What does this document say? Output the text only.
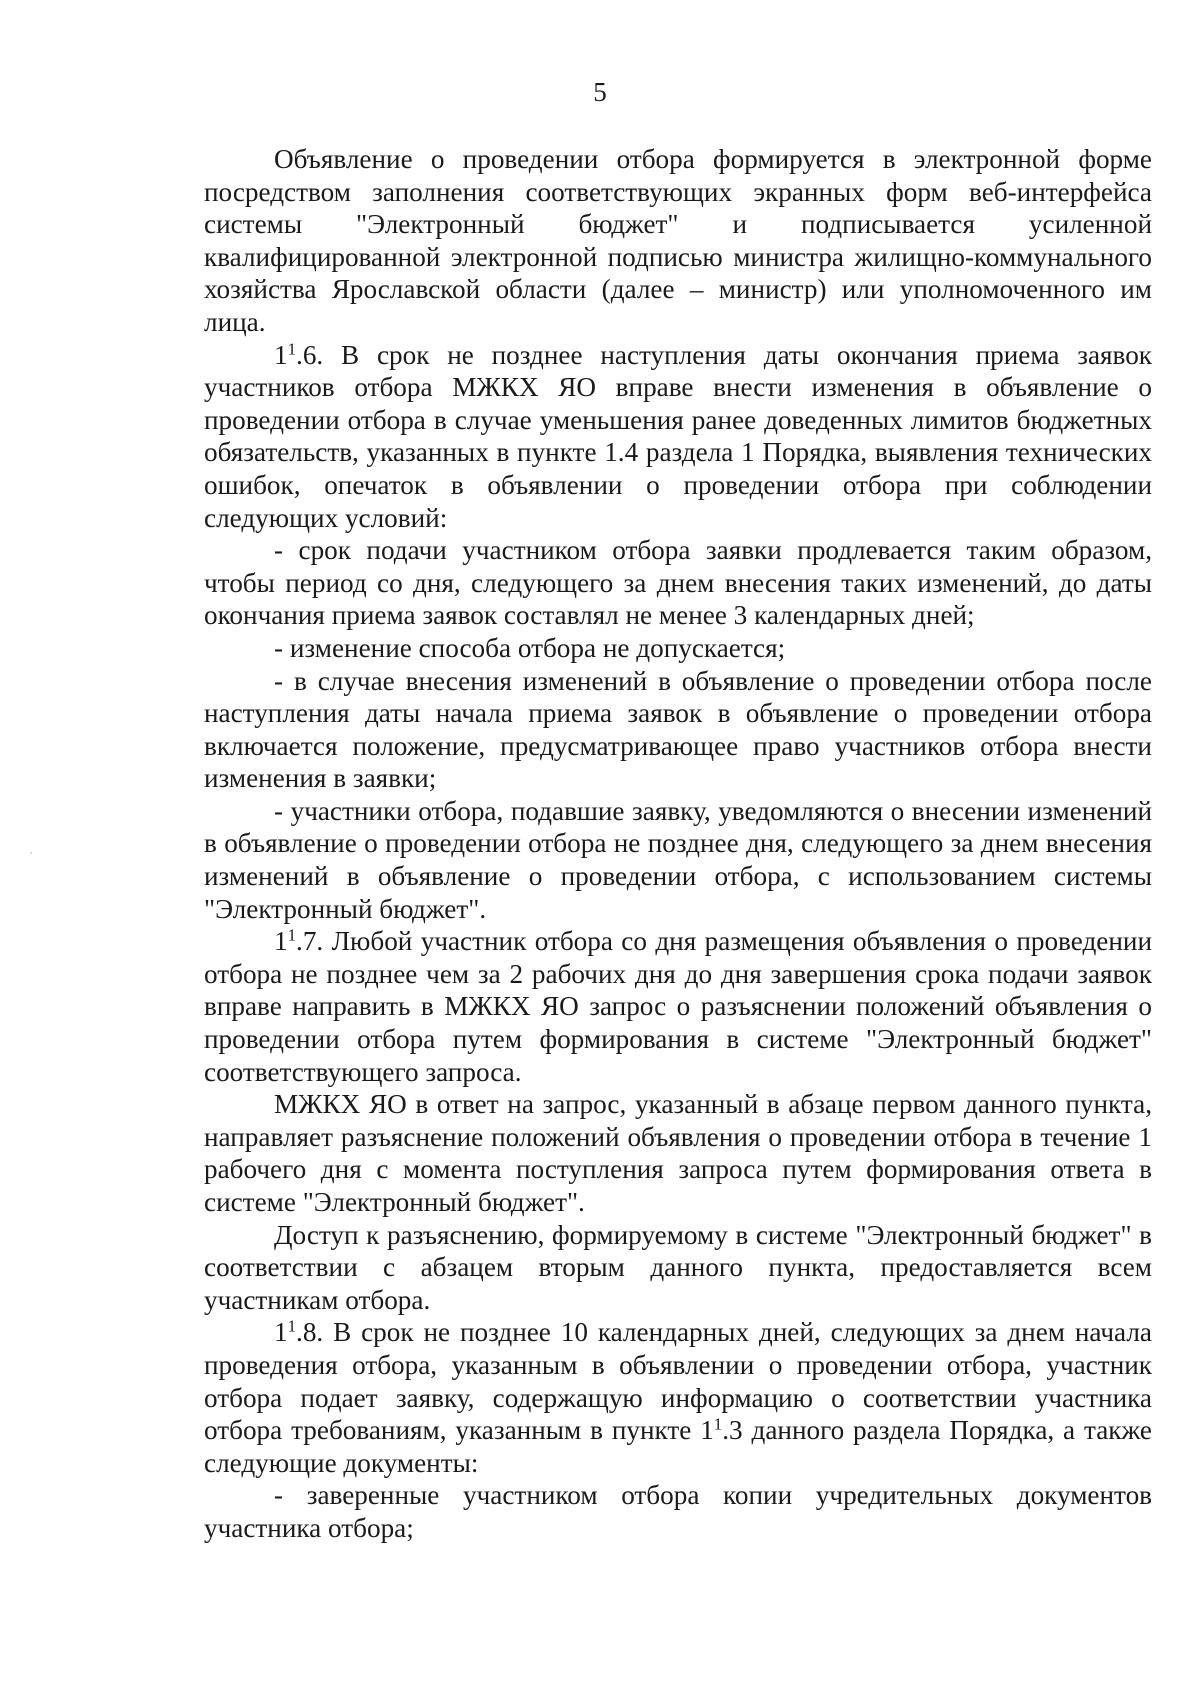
5

Объявление о проведении отбора формируется в электронной форме посредством заполнения соответствующих экранных форм веб-интерфейса системы "Электронный бюджет" и подписывается усиленной квалифицированной электронной подписью министра жилищно-коммунального хозяйства Ярославской области (далее – министр) или уполномоченного им лица.

$1^1.6$. В срок не позднее наступления даты окончания приема заявок участников отбора МЖКХ ЯО вправе внести изменения в объявление о проведении отбора в случае уменьшения ранее доведенных лимитов бюджетных обязательств, указанных в пункте 1.4 раздела 1 Порядка, выявления технических ошибок, опечаток в объявлении о проведении отбора при соблюдении следующих условий:

- срок подачи участником отбора заявки продлевается таким образом, чтобы период со дня, следующего за днем внесения таких изменений, до даты окончания приема заявок составлял не менее 3 календарных дней;

- изменение способа отбора не допускается;

- в случае внесения изменений в объявление о проведении отбора после наступления даты начала приема заявок в объявление о проведении отбора включается положение, предусматривающее право участников отбора внести изменения в заявки;

- участники отбора, подавшие заявку, уведомляются о внесении изменений в объявление о проведении отбора не позднее дня, следующего за днем внесения изменений в объявление о проведении отбора, с использованием системы "Электронный бюджет".

$1^1.7$. Любой участник отбора со дня размещения объявления о проведении отбора не позднее чем за 2 рабочих дня до дня завершения срока подачи заявок вправе направить в МЖКХ ЯО запрос о разъяснении положений объявления о проведении отбора путем формирования в системе "Электронный бюджет" соответствующего запроса.

МЖКХ ЯО в ответ на запрос, указанный в абзаце первом данного пункта, направляет разъяснение положений объявления о проведении отбора в течение 1 рабочего дня с момента поступления запроса путем формирования ответа в системе "Электронный бюджет".

Доступ к разъяснению, формируемому в системе "Электронный бюджет" в соответствии с абзацем вторым данного пункта, предоставляется всем участникам отбора.

$1^1.8$. В срок не позднее 10 календарных дней, следующих за днем начала проведения отбора, указанным в объявлении о проведении отбора, участник отбора подает заявку, содержащую информацию о соответствии участника отбора требованиям, указанным в пункте $1^1.3$ данного раздела Порядка, а также следующие документы:

- заверенные участником отбора копии учредительных документов участника отбора;
